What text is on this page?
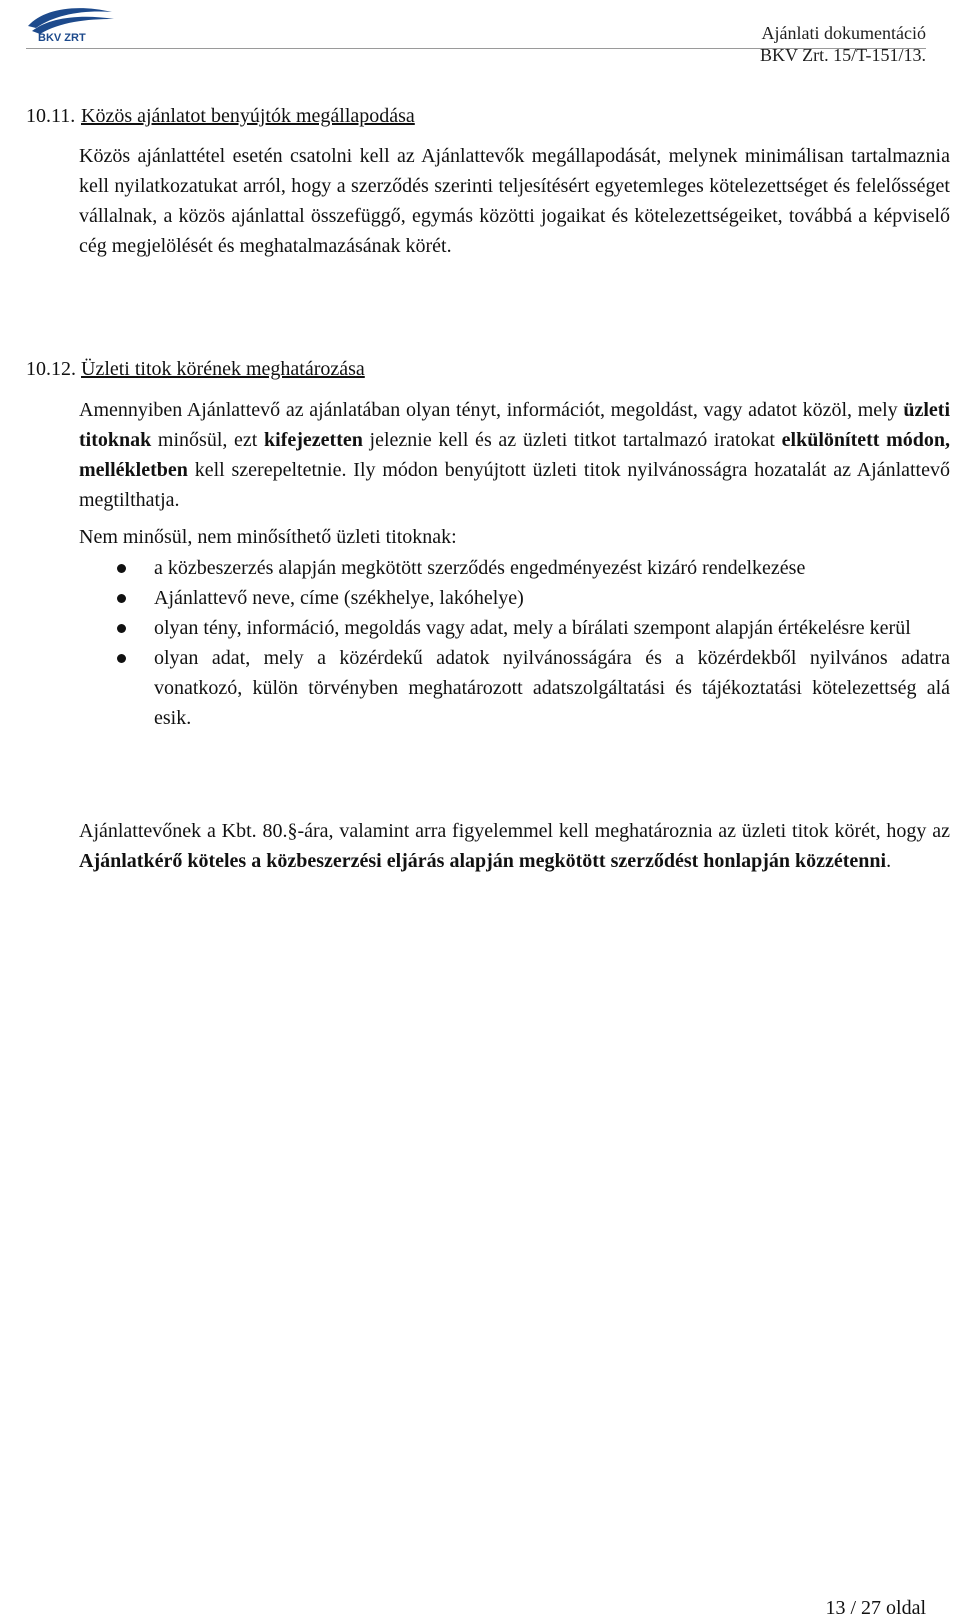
BKV ZRT	Ajánlati dokumentáció
BKV Zrt. 15/T-151/13.
10.11. Közös ajánlatot benyújtók megállapodása
Közös ajánlattétel esetén csatolni kell az Ajánlattevők megállapodását, melynek minimálisan tartalmaznia kell nyilatkozatukat arról, hogy a szerződés szerinti teljesítésért egyetemleges kötelezettséget és felelősséget vállalnak, a közös ajánlattal összefüggő, egymás közötti jogaikat és kötelezettségeiket, továbbá a képviselő cég megjelölését és meghatalmazásának körét.
10.12. Üzleti titok körének meghatározása
Amennyiben Ajánlattevő az ajánlatában olyan tényt, információt, megoldást, vagy adatot közöl, mely üzleti titoknak minősül, ezt kifejezetten jeleznie kell és az üzleti titkot tartalmazó iratokat elkülönített módon, mellékletben kell szerepeltetnie. Ily módon benyújtott üzleti titok nyilvánosságra hozatalát az Ajánlattevő megtilthatja.
Nem minősül, nem minősíthető üzleti titoknak:
a közbeszerzés alapján megkötött szerződés engedményezést kizáró rendelkezése
Ajánlattevő neve, címe (székhelye, lakóhelye)
olyan tény, információ, megoldás vagy adat, mely a bírálati szempont alapján értékelésre kerül
olyan adat, mely a közérdekű adatok nyilvánosságára és a közérdekből nyilvános adatra vonatkozó, külön törvényben meghatározott adatszolgáltatási és tájékoztatási kötelezettség alá esik.
Ajánlattevőnek a Kbt. 80.§-ára, valamint arra figyelemmel kell meghatároznia az üzleti titok körét, hogy az Ajánlatkérő köteles a közbeszerzési eljárás alapján megkötött szerződést honlapján közzétenni.
13 / 27 oldal
